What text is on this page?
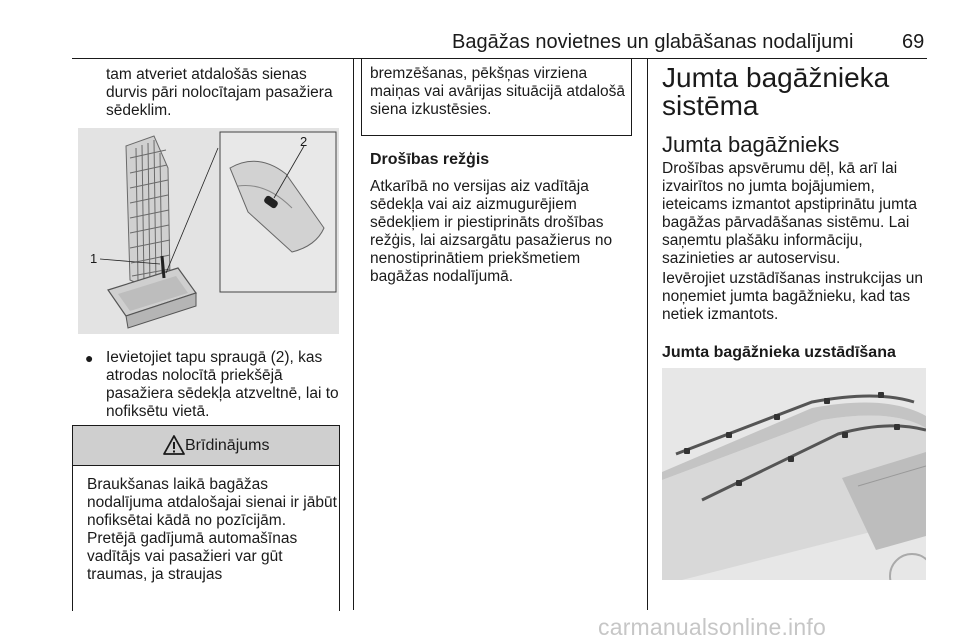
Bagāžas novietnes un glabāšanas nodalījumi 69
tam atveriet atdalošās sienas durvis pāri nolocītajam pasažiera sēdeklim.
1
2
● Ievietojiet tapu spraugā (2), kas atrodas nolocītā priekšējā pasažiera sēdekļa atzveltnē, lai to nofiksētu vietā.
Brīdinājums
Braukšanas laikā bagāžas nodalījuma atdalošajai sienai ir jābūt nofiksētai kādā no pozīcijām. Pretējā gadījumā automašīnas vadītājs vai pasažieri var gūt traumas, ja straujas
bremzēšanas, pēkšņas virziena maiņas vai avārijas situācijā atdalošā siena izkustēsies.
Drošības režģis
Atkarībā no versijas aiz vadītāja sēdekļa vai aiz aizmugurējiem sēdekļiem ir piestiprināts drošības režģis, lai aizsargātu pasažierus no nenostiprinātiem priekšmetiem bagāžas nodalījumā.
Jumta bagāžnieka sistēma
Jumta bagāžnieks
Drošības apsvērumu dēļ, kā arī lai izvairītos no jumta bojājumiem, ieteicams izmantot apstiprinātu jumta bagāžas pārvadāšanas sistēmu. Lai saņemtu plašāku informāciju, sazinieties ar autoservisu.
Ievērojiet uzstādīšanas instrukcijas un noņemiet jumta bagāžnieku, kad tas netiek izmantots.
Jumta bagāžnieka uzstādīšana
carmanualsonline.info
